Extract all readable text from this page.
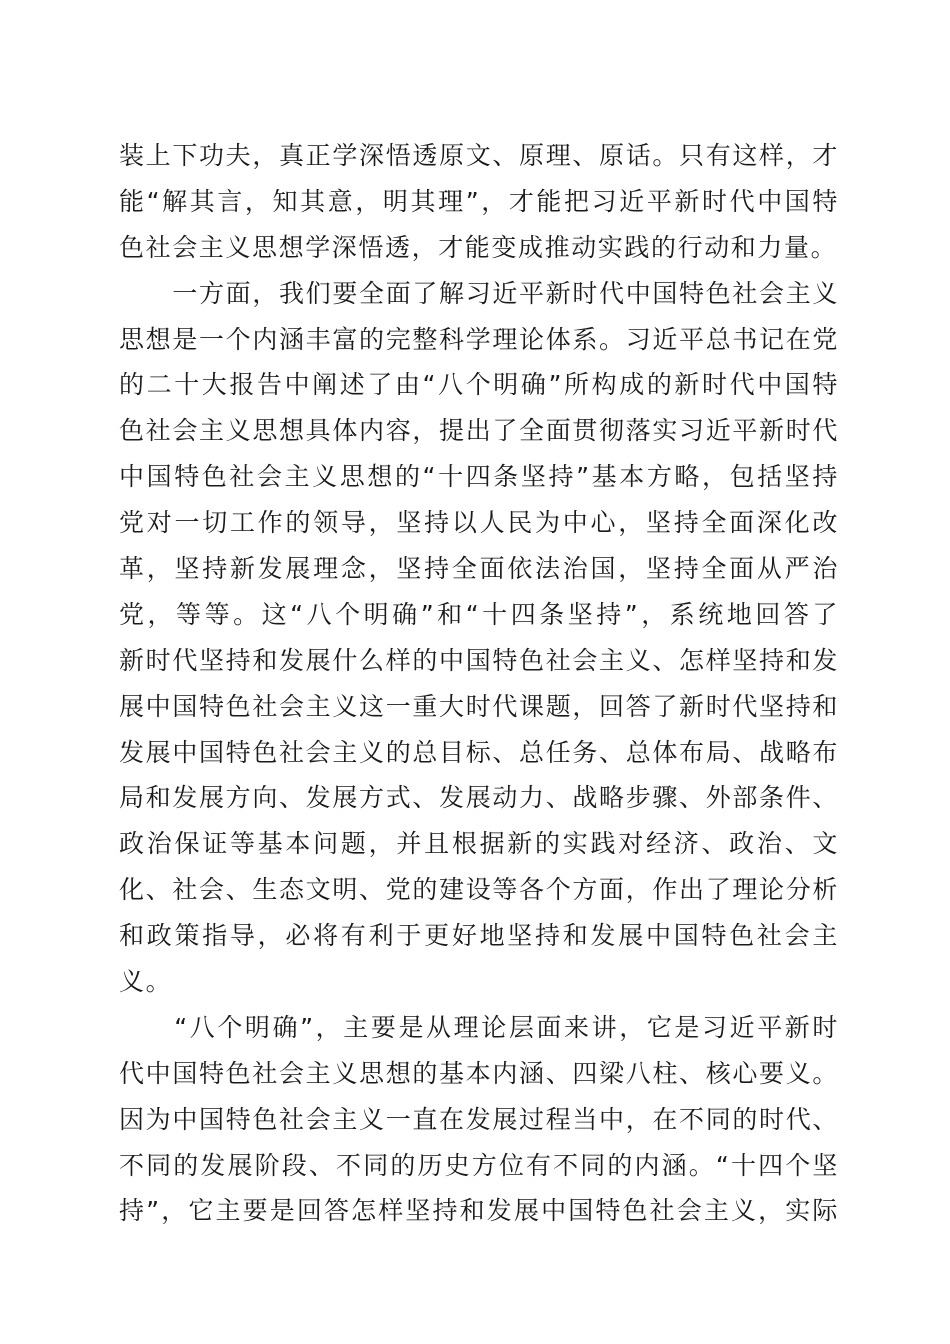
装上下功夫，真正学深悟透原文、原理、原话。只有这样，才
能“解其言，知其意，明其理”，才能把习近平新时代中国特
色社会主义思想学深悟透，才能变成推动实践的行动和力量。
　　一方面，我们要全面了解习近平新时代中国特色社会主义
思想是一个内涵丰富的完整科学理论体系。习近平总书记在党
的二十大报告中阐述了由“八个明确”所构成的新时代中国特
色社会主义思想具体内容，提出了全面贯彻落实习近平新时代
中国特色社会主义思想的“十四条坚持”基本方略，包括坚持
党对一切工作的领导，坚持以人民为中心，坚持全面深化改
革，坚持新发展理念，坚持全面依法治国，坚持全面从严治
党，等等。这“八个明确”和“十四条坚持”，系统地回答了
新时代坚持和发展什么样的中国特色社会主义、怎样坚持和发
展中国特色社会主义这一重大时代课题，回答了新时代坚持和
发展中国特色社会主义的总目标、总任务、总体布局、战略布
局和发展方向、发展方式、发展动力、战略步骤、外部条件、
政治保证等基本问题，并且根据新的实践对经济、政治、文
化、社会、生态文明、党的建设等各个方面，作出了理论分析
和政策指导，必将有利于更好地坚持和发展中国特色社会主
义。
　　“八个明确”，主要是从理论层面来讲，它是习近平新时
代中国特色社会主义思想的基本内涵、四梁八柱、核心要义。
因为中国特色社会主义一直在发展过程当中，在不同的时代、
不同的发展阶段、不同的历史方位有不同的内涵。“十四个坚
持”，它主要是回答怎样坚持和发展中国特色社会主义，实际
